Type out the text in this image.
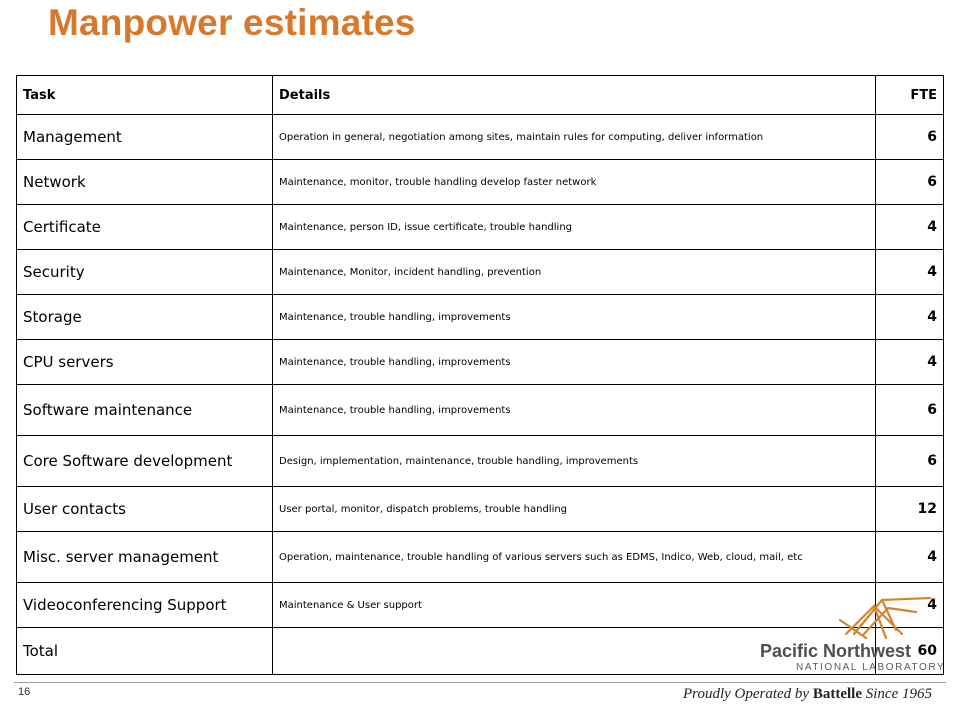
Manpower estimates
Task	Details	FTE
Management	Operation in general, negotiation among sites, maintain rules for computing, deliver information	6
Network	Maintenance, monitor, trouble handling develop faster network	6
Certificate	Maintenance, person ID, issue certificate, trouble handling	4
Security	Maintenance, Monitor, incident handling, prevention	4
Storage	Maintenance, trouble handling, improvements	4
CPU servers	Maintenance, trouble handling, improvements	4
Software maintenance	Maintenance, trouble handling, improvements	6
Core Software development	Design, implementation, maintenance, trouble handling, improvements	6
User contacts	User portal, monitor, dispatch problems, trouble handling	12
Misc. server management	Operation, maintenance, trouble handling of various servers such as EDMS, Indico, Web, cloud, mail, etc	4
Videoconferencing Support	Maintenance & User support	4
Total		60
Pacific Northwest
NATIONAL LABORATORY
16	Proudly Operated by Battelle Since 1965
